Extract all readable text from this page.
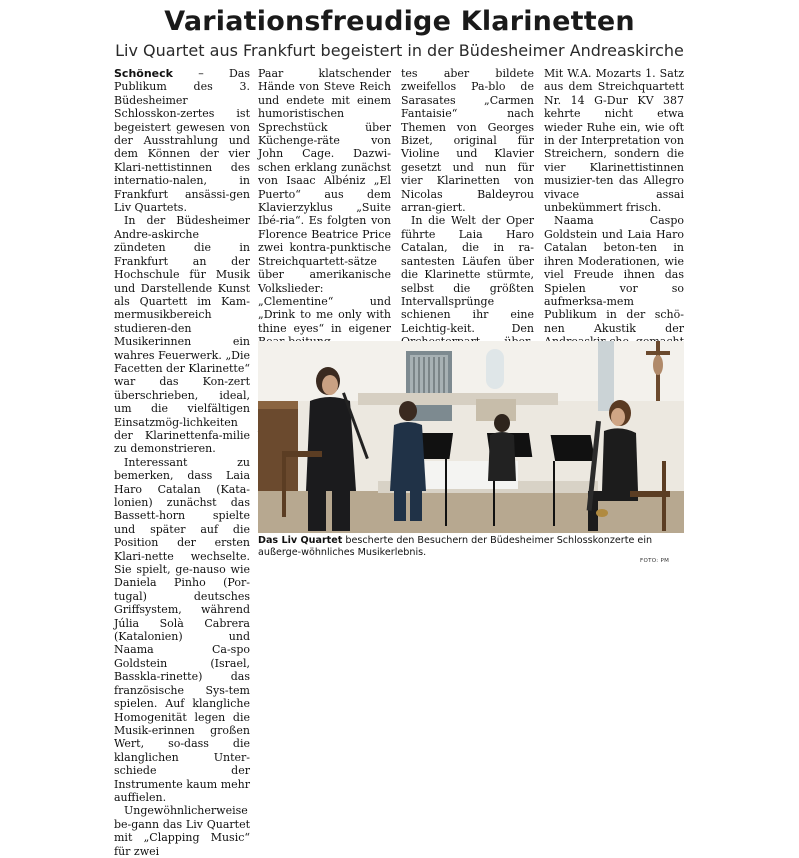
Variationsfreudige Klarinetten
Liv Quartet aus Frankfurt begeistert in der Büdesheimer Andreaskirche

Schöneck – Das Publikum des 3. Büdesheimer Schlosskon-zertes ist begeistert gewesen von der Ausstrahlung und dem Können der vier Klari-nettistinnen des internatio-nalen, in Frankfurt ansässi-gen Liv Quartets.

In der Büdesheimer Andre-askirche zündeten die in Frankfurt an der Hochschule für Musik und Darstellende Kunst als Quartett im Kam-mermusikbereich studieren-den Musikerinnen ein wahres Feuerwerk. „Die Facetten der Klarinette“ war das Kon-zert überschrieben, ideal, um die vielfältigen Einsatzmög-lichkeiten der Klarinettenfa-milie zu demonstrieren.

Interessant zu bemerken, dass Laia Haro Catalan (Kata-lonien) zunächst das Bassett-horn spielte und später auf die Position der ersten Klari-nette wechselte. Sie spielt, ge-nauso wie Daniela Pinho (Por-tugal) deutsches Griffsystem, während Júlia Solà Cabrera (Katalonien) und Naama Ca-spo Goldstein (Israel, Bassklа-rinette) das französische Sys-tem spielen. Auf klangliche Homogenität legen die Musik-erinnen großen Wert, so-dass die klanglichen Unter-schiede der Instrumente kaum mehr auffielen.

Ungewöhnlicherweise be-gann das Liv Quartet mit „Clapping Music“ für zwei

Paar klatschender Hände von Steve Reich und endete mit einem humoristischen Sprechstück über Küchenge-räte von John Cage. Dazwi-schen erklang zunächst von Isaac Albéniz „El Puerto“ aus dem Klavierzyklus „Suite Ibé-ria“. Es folgten von Florence Beatrice Price zwei kontra-punktische Streichquartett-sätze über amerikanische Volkslieder: „Clementine“ und „Drink to me only with thine eyes“ in eigener

tes aber bildete zweifellos Pa-blo de Sarasates „Carmen Fantaisie“ nach Themen von Georges Bizet, original für Violine und Klavier gesetzt und nun für vier Klarinetten von Nicolas Baldeyrou arran-giert.

In die Welt der Oper führte Laia Haro Catalan, die in ra-santesten Läufen über die Klarinette stürmte, selbst die größten Intervallsprünge schienen ihr eine Leichtig-keit. Den

Mit W.A. Mozarts 1. Satz aus dem Streichquartett Nr. 14 G-Dur KV 387 kehrte nicht etwa wieder Ruhe ein, wie oft in der Interpretation von Streichern, sondern die vier Klarinettistinnen musizier-ten das Allegro vivace assai unbekümmert frisch.

Naama Caspo Goldstein und Laia Haro Catalan beton-ten in ihren Moderationen, wie viel Freude ihnen das Spielen vor so aufmerksa-mem Publikum in der schö-nen Akustik der

Das Liv Quartet bescherte den Besuchern der Büdesheimer Schlosskonzerte ein außerge-wöhnliches Musikerlebnis.
FOTO: PM
